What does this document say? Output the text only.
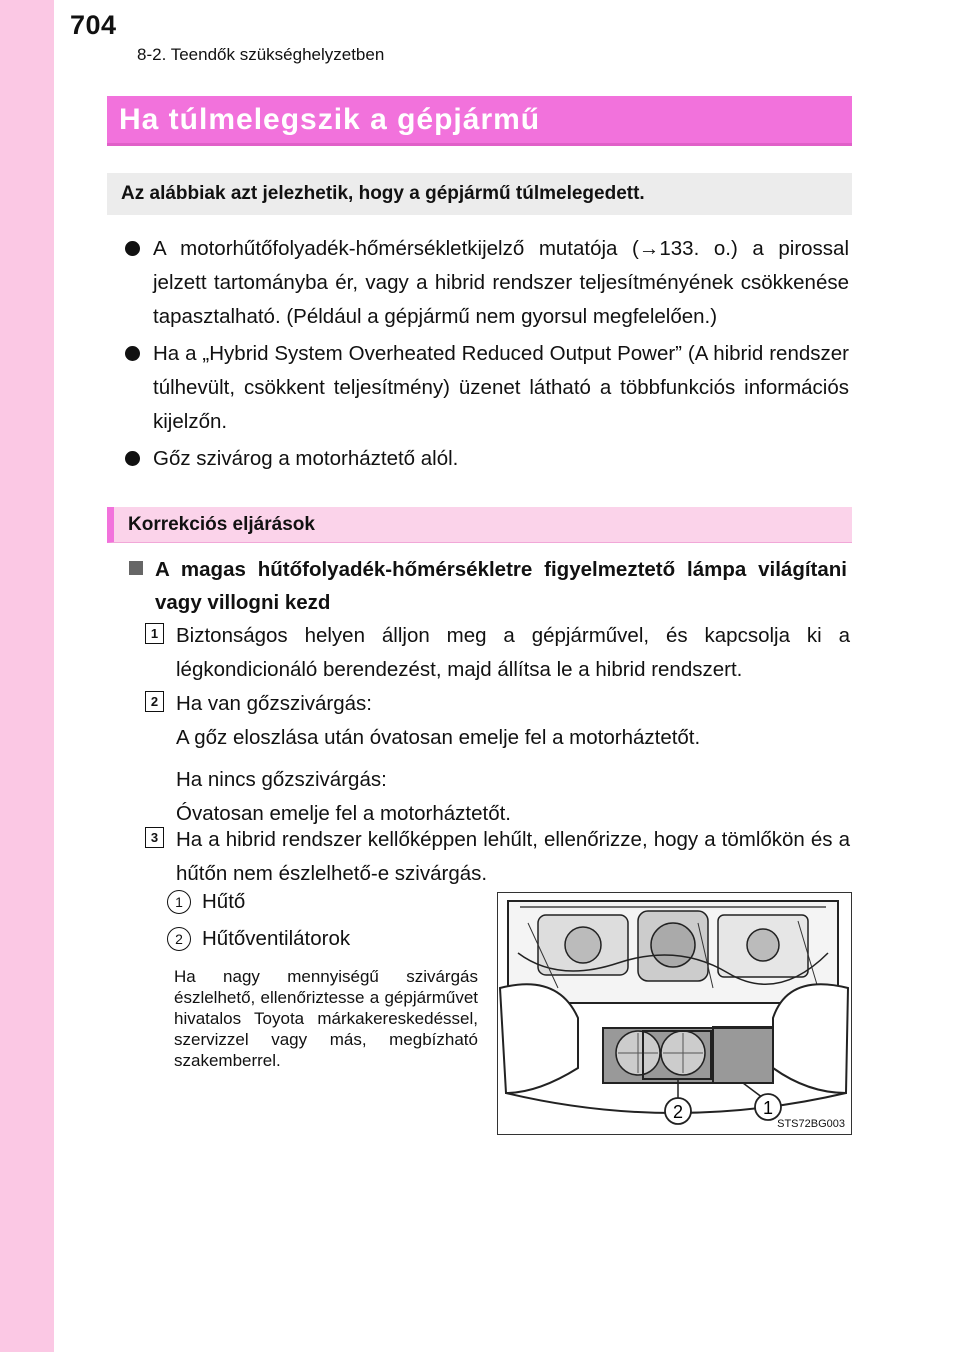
704
8-2. Teendők szükséghelyzetben
Ha túlmelegszik a gépjármű
Az alábbiak azt jelezhetik, hogy a gépjármű túlmelegedett.
A motorhűtőfolyadék-hőmérsékletkijelző mutatója (→133. o.) a pirossal jelzett tartományba ér, vagy a hibrid rendszer teljesítményének csökkenése tapasztalható. (Például a gépjármű nem gyorsul megfelelően.)
Ha a „Hybrid System Overheated Reduced Output Power” (A hibrid rendszer túlhevült, csökkent teljesítmény) üzenet látható a többfunkciós információs kijelzőn.
Gőz szivárog a motorháztető alól.
Korrekciós eljárások
A magas hűtőfolyadék-hőmérsékletre figyelmeztető lámpa világítani vagy villogni kezd
1 Biztonságos helyen álljon meg a gépjárművel, és kapcsolja ki a légkondicionáló berendezést, majd állítsa le a hibrid rendszert.
2 Ha van gőzszivárgás:
A gőz eloszlása után óvatosan emelje fel a motorháztetőt.
Ha nincs gőzszivárgás:
Óvatosan emelje fel a motorháztetőt.
3 Ha a hibrid rendszer kellőképpen lehűlt, ellenőrizze, hogy a tömlőkön és a hűtőn nem észlelhető-e szivárgás.
1 Hűtő
2 Hűtőventilátorok
Ha nagy mennyiségű szivárgás észlelhető, ellenőriztesse a gépjárművet hivatalos Toyota márkakereskedéssel, szervizzel vagy más, megbízható szakemberrel.
2	1
STS72BG003
